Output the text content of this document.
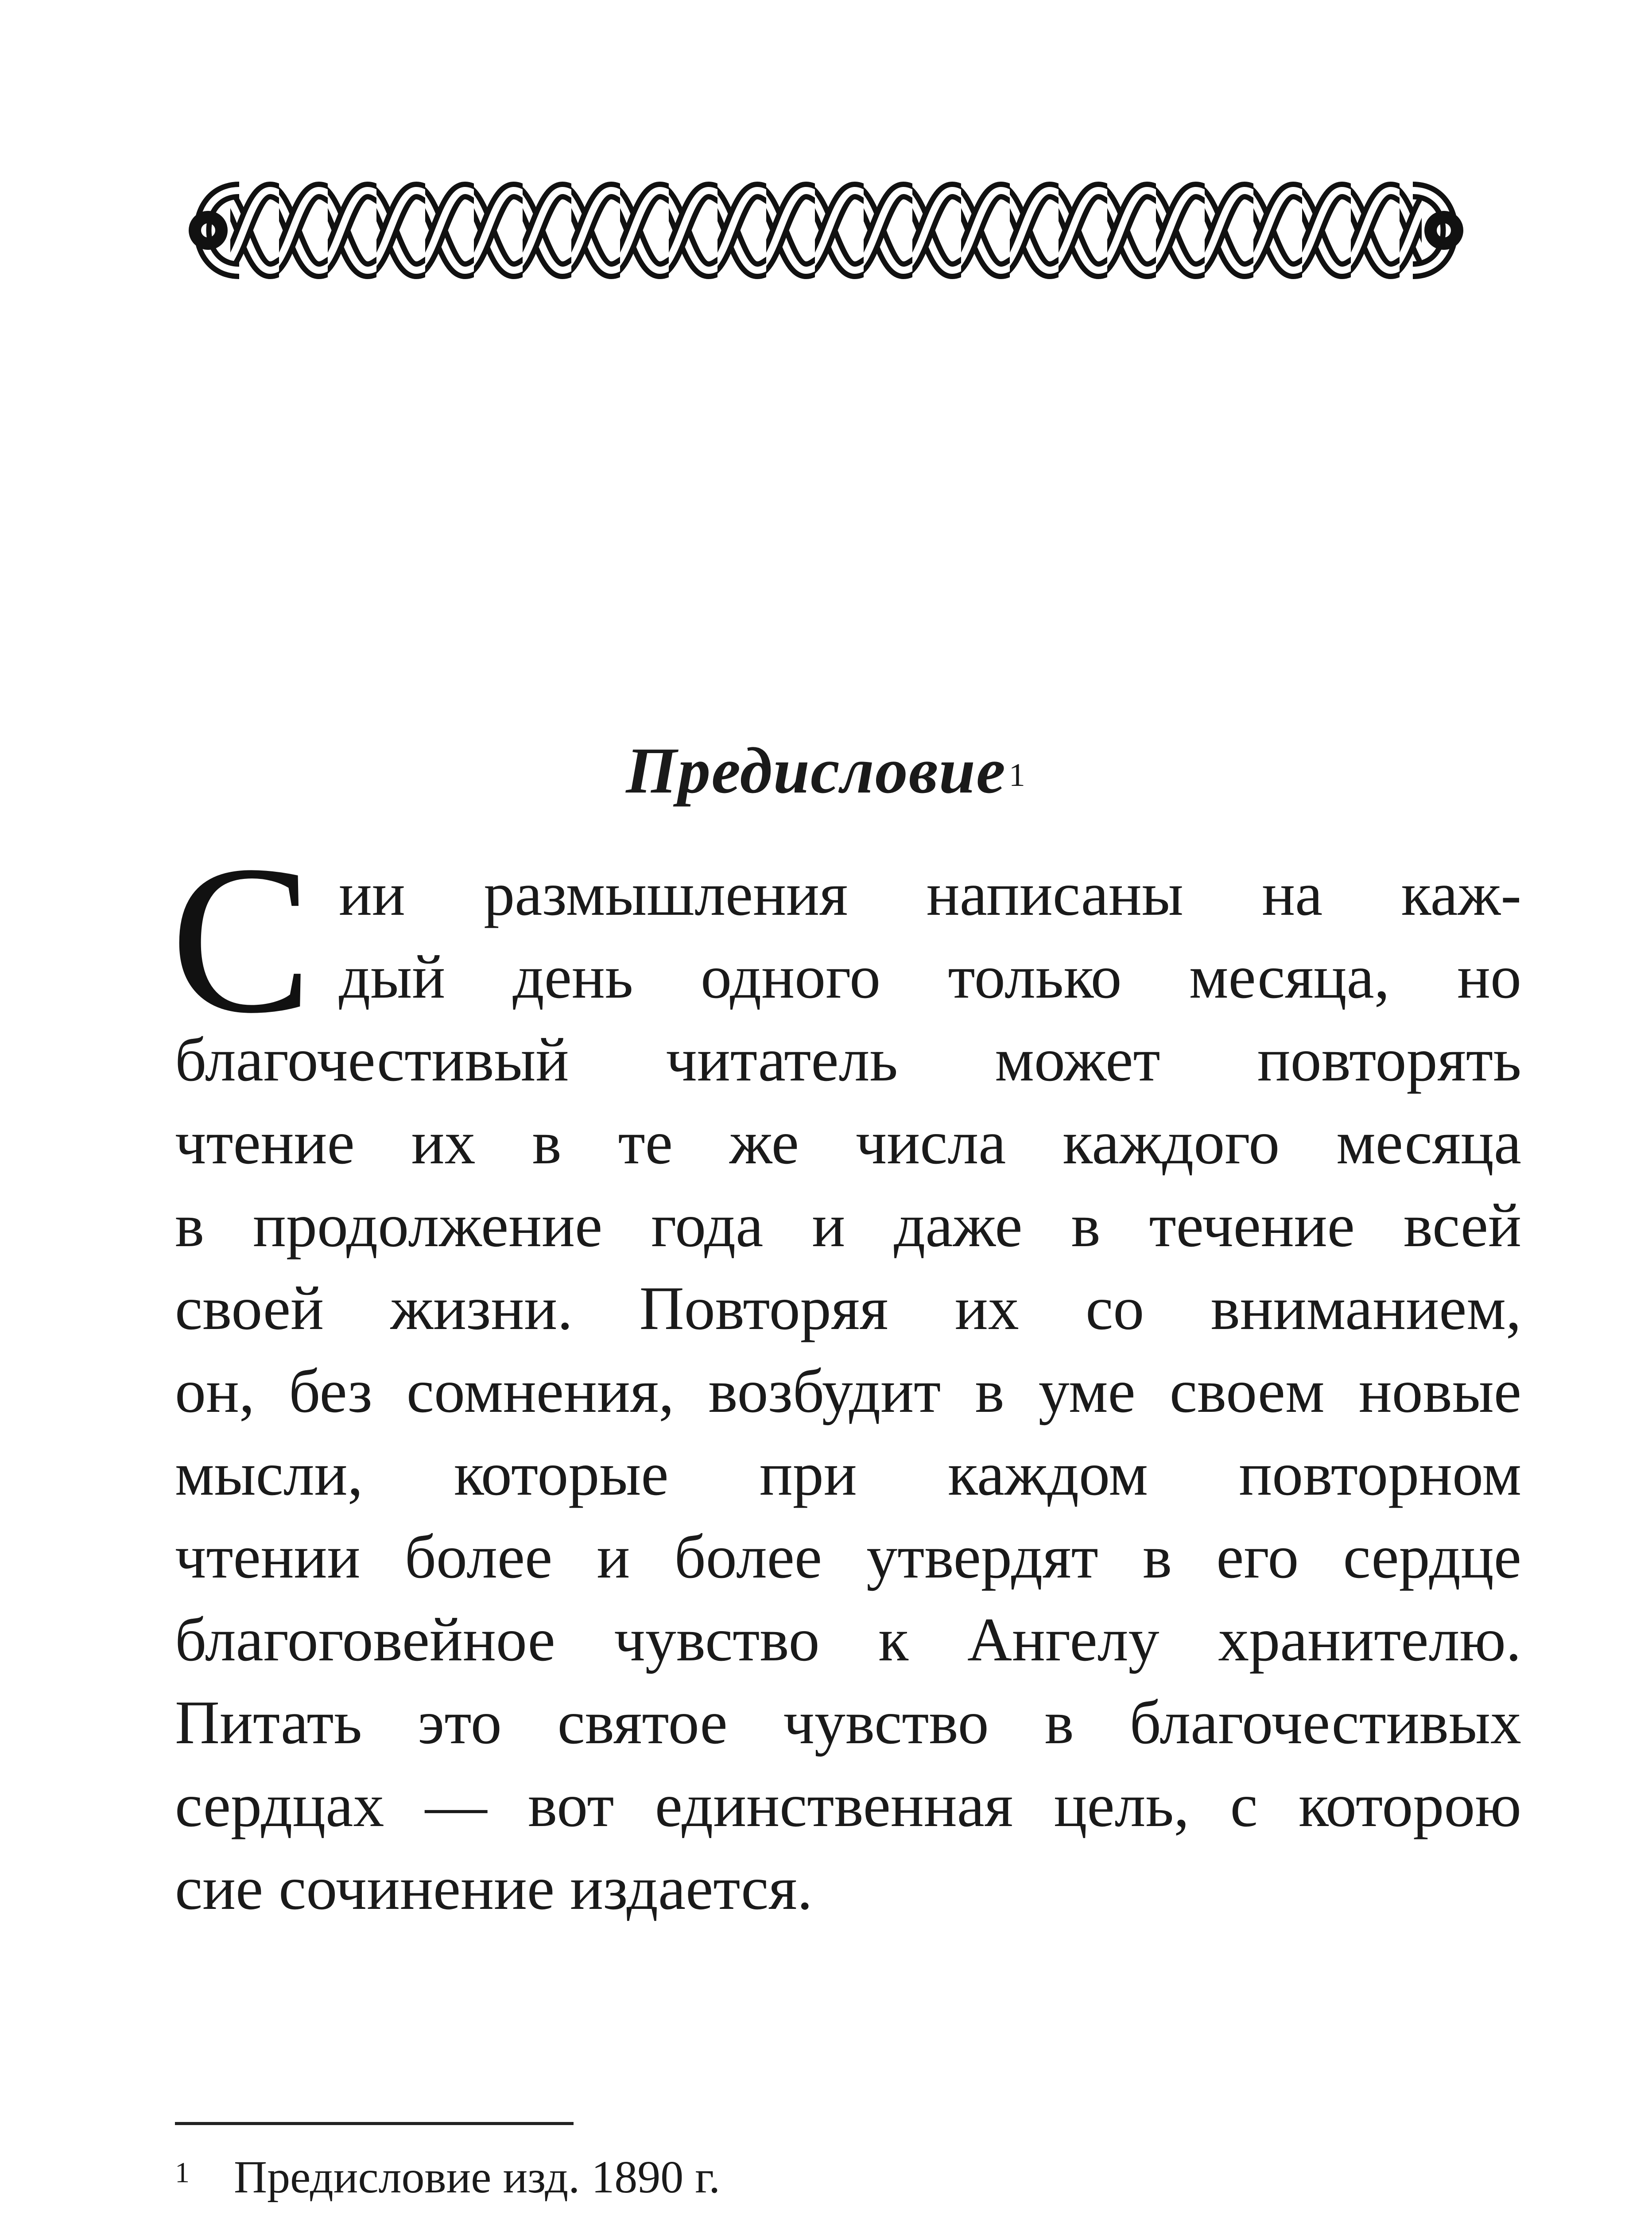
Предисловие$^1$
С ии размышления написаны на каж-
дый день одного только месяца, но
благочестивый читатель может повторять
чтение их в те же числа каждого месяца
в продолжение года и даже в течение всей
своей жизни. Повторяя их со вниманием,
он, без сомнения, возбудит в уме своем новые
мысли, которые при каждом повторном
чтении более и более утвердят в его сердце
благоговейное чувство к Ангелу хранителю.
Питать это святое чувство в благочестивых
сердцах — вот единственная цель, с которою
сие сочинение издается.
$^1$ Предисловие изд. 1890 г.
